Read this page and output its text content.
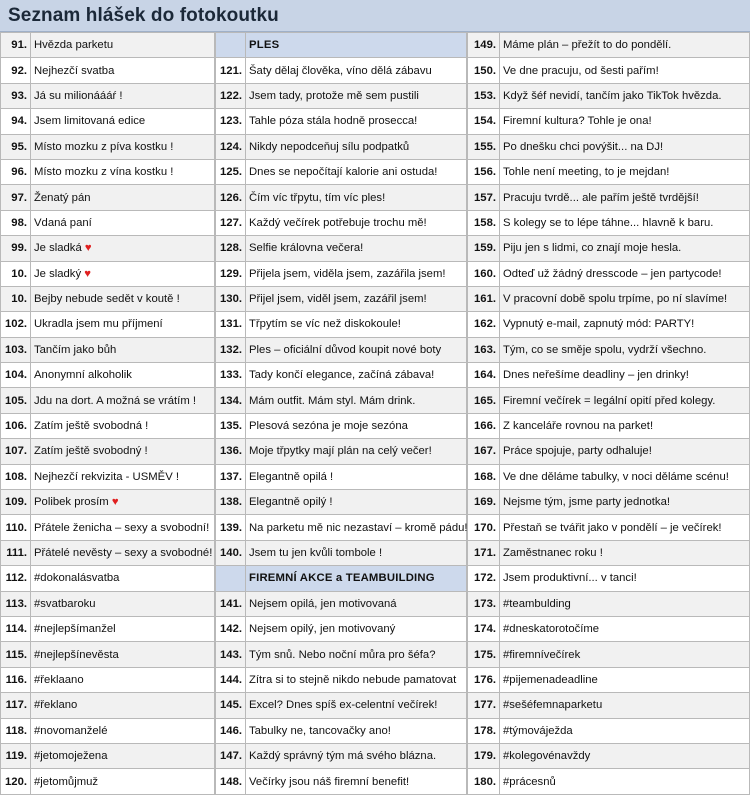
Seznam hlášek do fotokoutku
91.	Hvězda parketu
92.	Nejhezčí svatba
93.	Já su milionáááŕ !
94.	Jsem limitovaná edice
95.	Místo mozku z píva kostku !
96.	Místo mozku z vína kostku !
97.	Ženatý pán
98.	Vdaná paní
99.	Je sladká ♥
10.	Je sladký ♥
10.	Bejby nebude sedět v koutě !
102.	Ukradla jsem mu příjmení
103.	Tančím jako bůh
104.	Anonymní alkoholik
105.	Jdu na dort. A možná se vrátím !
106.	Zatím ještě svobodná !
107.	Zatím ještě svobodný !
108.	Nejhezčí rekvizita - USMĚV !
109.	Polibek prosím ♥
110.	Přátele ženicha – sexy a svobodní!
111.	Přátelé nevěsty – sexy a svobodné!
112.	#dokonalásvatba
113.	#svatbaroku
114.	#nejlepšímanžel
115.	#nejlepšínevěsta
116.	#řeklaano
117.	#řeklano
118.	#novomanželé
119.	#jetomoježena
120.	#jetomůjmuž
	PLES
121.	Šaty dělaj člověka, víno dělá zábavu
122.	Jsem tady, protože mě sem pustili
123.	Tahle póza stála hodně prosecca!
124.	Nikdy nepodceňuj sílu podpatků
125.	Dnes se nepočítají kalorie ani ostuda!
126.	Čím víc třpytu, tím víc ples!
127.	Každý večírek potřebuje trochu mě!
128.	Selfie královna večera!
129.	Přijela jsem, viděla jsem, zazářila jsem!
130.	Přijel jsem, viděl jsem, zazářil jsem!
131.	Třpytím se víc než diskokoule!
132.	Ples – oficiální důvod koupit nové boty
133.	Tady končí elegance, začíná zábava!
134.	Mám outfit. Mám styl. Mám drink.
135.	Plesová sezóna je moje sezóna
136.	Moje třpytky mají plán na celý večer!
137.	Elegantně opilá !
138.	Elegantně opilý !
139.	Na parketu mě nic nezastaví – kromě pádu!
140.	Jsem tu jen kvůli tombole !
	FIREMNÍ AKCE a TEAMBUILDING
141.	Nejsem opilá, jen motivovaná
142.	Nejsem opilý, jen motivovaný
143.	Tým snů. Nebo noční můra pro šéfa?
144.	Zítra si to stejně nikdo nebude pamatovat
145.	Excel? Dnes spíš ex-celentní večírek!
146.	Tabulky ne, tancovačky ano!
147.	Každý správný tým má svého blázna.
148.	Večírky jsou náš firemní benefit!
149.	Máme plán – přežít to do pondělí.
150.	Ve dne pracuju, od šesti pařím!
153.	Když šéf nevidí, tančím jako TikTok hvězda.
154.	Firemní kultura? Tohle je ona!
155.	Po dnešku chci povýšit... na DJ!
156.	Tohle není meeting, to je mejdan!
157.	Pracuju tvrdě... ale pařím ještě tvrdější!
158.	S kolegy se to lépe táhne... hlavně k baru.
159.	Piju jen s lidmi, co znají moje hesla.
160.	Odteď už žádný dresscode – jen partycode!
161.	V pracovní době spolu trpíme, po ní slavíme!
162.	Vypnutý e-mail, zapnutý mód: PARTY!
163.	Tým, co se směje spolu, vydrží všechno.
164.	Dnes neřešíme deadliny – jen drinky!
165.	Firemní večírek = legální opití před kolegy.
166.	Z kanceláře rovnou na parket!
167.	Práce spojuje, party odhaluje!
168.	Ve dne děláme tabulky, v noci děláme scénu!
169.	Nejsme tým, jsme party jednotka!
170.	Přestaň se tvářit jako v pondělí – je večírek!
171.	Zaměstnanec roku !
172.	Jsem produktivní... v tanci!
173.	#teambulding
174.	#dneskatorotočíme
175.	#firemnívečírek
176.	#pijemenadeadline
177.	#sešéfemnaparketu
178.	#týmováježda
179.	#kolegovénavždy
180.	#prácesnů
